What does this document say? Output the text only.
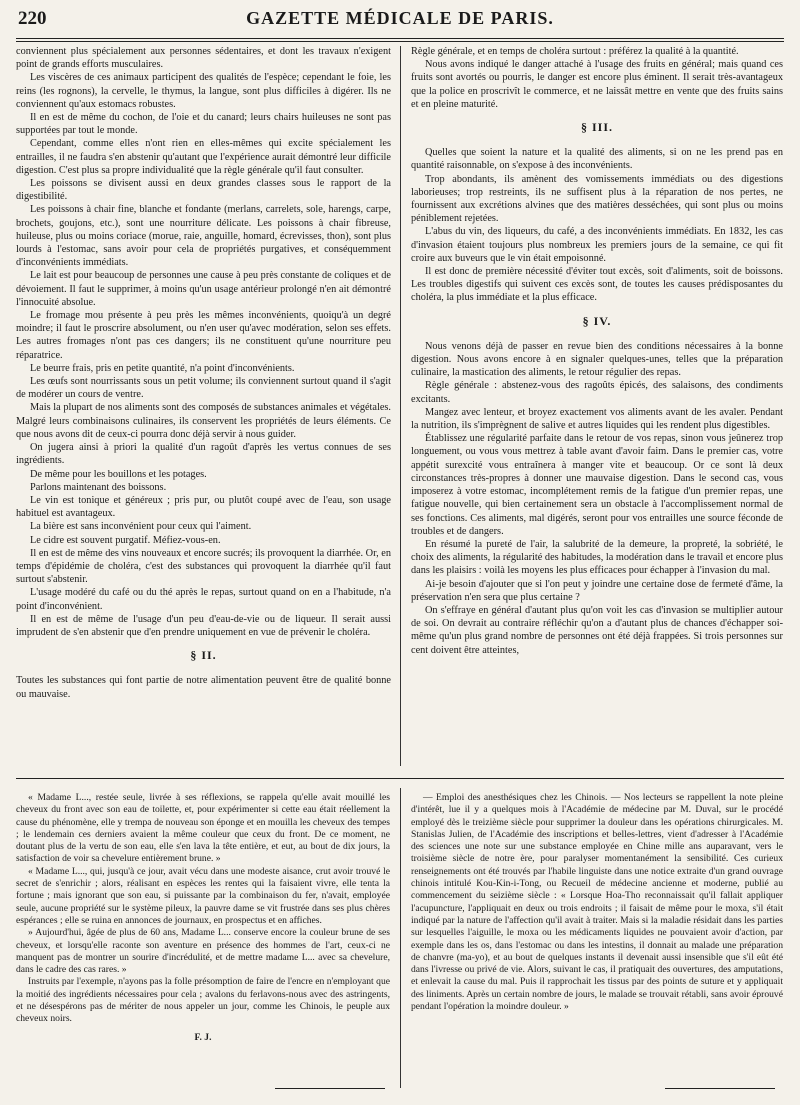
220	GAZETTE MÉDICALE DE PARIS.

conviennent plus spécialement aux personnes sédentaires, et dont les travaux n'exigent point de grands efforts musculaires.

Les viscères de ces animaux participent des qualités de l'espèce; cependant le foie, les reins (les rognons), la cervelle, le thymus, la langue, sont plus difficiles à digérer. Ils ne conviennent qu'aux estomacs robustes.

Il en est de même du cochon, de l'oie et du canard; leurs chairs huileuses ne sont pas supportées par tout le monde.

Cependant, comme elles n'ont rien en elles-mêmes qui excite spécialement les entrailles, il ne faudra s'en abstenir qu'autant que l'expérience aurait démontré leur difficile digestion. C'est plus sa propre individualité que la règle générale qu'il faut consulter.

Les poissons se divisent aussi en deux grandes classes sous le rapport de la digestibilité.

Les poissons à chair fine, blanche et fondante (merlans, carrelets, sole, harengs, carpe, brochets, goujons, etc.), sont une nourriture délicate. Les poissons à chair fibreuse, huileuse, plus ou moins coriace (morue, raie, anguille, homard, écrevisses, thon), sont plus lourds à l'estomac, sans avoir pour cela de propriétés purgatives, et conséquemment d'inconvénients immédiats.

Le lait est pour beaucoup de personnes une cause à peu près constante de coliques et de dévoiement. Il faut le supprimer, à moins qu'un usage antérieur prolongé n'en ait démontré l'innocuité absolue.

Le fromage mou présente à peu près les mêmes inconvénients, quoiqu'à un degré moindre; il faut le proscrire absolument, ou n'en user qu'avec modération, selon ses effets. Les autres fromages n'ont pas ces dangers; ils ne constituent qu'une nourriture peu réparatrice.

Le beurre frais, pris en petite quantité, n'a point d'inconvénients.

Les œufs sont nourrissants sous un petit volume; ils conviennent surtout quand il s'agit de modérer un cours de ventre.

Mais la plupart de nos aliments sont des composés de substances animales et végétales. Malgré leurs combinaisons culinaires, ils conservent les propriétés de leurs éléments. Ce que nous avons dit de ceux-ci pourra donc déjà servir à nous guider.

On jugera ainsi à priori la qualité d'un ragoût d'après les vertus connues de ses ingrédients.

De même pour les bouillons et les potages.

Parlons maintenant des boissons.

Le vin est tonique et généreux ; pris pur, ou plutôt coupé avec de l'eau, son usage habituel est avantageux.

La bière est sans inconvénient pour ceux qui l'aiment.

Le cidre est souvent purgatif. Méfiez-vous-en.

Il en est de même des vins nouveaux et encore sucrés; ils provoquent la diarrhée. Or, en temps d'épidémie de choléra, c'est des substances qui provoquent la diarrhée qu'il faut surtout s'abstenir.

L'usage modéré du café ou du thé après le repas, surtout quand on en a l'habitude, n'a point d'inconvénient.

Il en est de même de l'usage d'un peu d'eau-de-vie ou de liqueur. Il serait aussi imprudent de s'en abstenir que d'en prendre uniquement en vue de prévenir le choléra.

§ II.

Toutes les substances qui font partie de notre alimentation peuvent être de qualité bonne ou mauvaise.

Règle générale, et en temps de choléra surtout : préférez la qualité à la quantité.

Nous avons indiqué le danger attaché à l'usage des fruits en général; mais quand ces fruits sont avortés ou pourris, le danger est encore plus éminent. Il serait très-avantageux que la police en proscrivît le commerce, et ne laissât mettre en vente que des fruits sains et en pleine maturité.

§ III.

Quelles que soient la nature et la qualité des aliments, si on ne les prend pas en quantité raisonnable, on s'expose à des inconvénients.

Trop abondants, ils amènent des vomissements immédiats ou des digestions laborieuses; trop restreints, ils ne suffisent plus à la réparation de nos pertes, ne fournissent aux excrétions alvines que des matières desséchées, qui sont plus ou moins péniblement rejetées.

L'abus du vin, des liqueurs, du café, a des inconvénients immédiats. En 1832, les cas d'invasion étaient toujours plus nombreux les premiers jours de la semaine, ce qui fit croire aux buveurs que le vin était empoisonné.

Il est donc de première nécessité d'éviter tout excès, soit d'aliments, soit de boissons. Les troubles digestifs qui suivent ces excès sont, de toutes les causes prédisposantes du choléra, la plus immédiate et la plus efficace.

§ IV.

Nous venons déjà de passer en revue bien des conditions nécessaires à la bonne digestion. Nous avons encore à en signaler quelques-unes, telles que la préparation culinaire, la mastication des aliments, le retour régulier des repas.

Règle générale : abstenez-vous des ragoûts épicés, des salaisons, des condiments excitants.

Mangez avec lenteur, et broyez exactement vos aliments avant de les avaler. Pendant la nutrition, ils s'imprègnent de salive et autres liquides qui les rendent plus digestibles.

Établissez une régularité parfaite dans le retour de vos repas, sinon vous jeûnerez trop longuement, ou vous vous mettrez à table avant d'avoir faim. Dans le premier cas, votre appétit surexcité vous entraînera à manger vite et beaucoup. Or ce sont là deux circonstances très-propres à donner une mauvaise digestion. Dans le second cas, vous imposerez à votre estomac, incomplétement remis de la fatigue d'un premier repas, une fatigue nouvelle, qui bien certainement sera un obstacle à l'accomplissement normal de ses fonctions. Ces aliments, mal digérés, seront pour vos entrailles une source féconde de troubles et de dangers.

En résumé la pureté de l'air, la salubrité de la demeure, la propreté, la sobriété, le choix des aliments, la régularité des habitudes, la modération dans le travail et encore plus dans les plaisirs : voilà les moyens les plus efficaces pour échapper à l'invasion du mal.

Ai-je besoin d'ajouter que si l'on peut y joindre une certaine dose de fermeté d'âme, la préservation n'en sera que plus certaine ?

On s'effraye en général d'autant plus qu'on voit les cas d'invasion se multiplier autour de soi. On devrait au contraire réfléchir qu'on a d'autant plus de chances d'échapper soi-même qu'un plus grand nombre de personnes ont été déjà frappées. Si trois personnes sur cent doivent être atteintes,

« Madame L..., restée seule, livrée à ses réflexions, se rappela qu'elle avait mouillé les cheveux du front avec son eau de toilette, et, pour expérimenter si cette eau était réellement la cause du phénomène, elle y trempa de nouveau son éponge et en mouilla les cheveux des tempes ; le lendemain ces derniers avaient la même couleur que ceux du front. De ce moment, ne doutant plus de la vertu de son eau, elle s'en lava la tête entière, et eut, au bout de dix jours, la satisfaction de voir sa chevelure entièrement brune. »

« Madame L..., qui, jusqu'à ce jour, avait vécu dans une modeste aisance, crut avoir trouvé le secret de s'enrichir ; alors, réalisant en espèces les rentes qui la faisaient vivre, elle tenta la fortune ; mais ignorant que son eau, si puissante par la combinaison du fer, n'avait, employée seule, aucune propriété sur le système pileux, la pauvre dame se vit frustrée dans ses plus chères espérances ; elle se ruina en annonces de journaux, en prospectus et en affiches.

» Aujourd'hui, âgée de plus de 60 ans, Madame L... conserve encore la couleur brune de ses cheveux, et lorsqu'elle raconte son aventure en présence des hommes de l'art, ceux-ci ne manquent pas de montrer un sourire d'incrédulité, et de mettre madame L... avec sa chevelure, dans le cadre des cas rares. »

Instruits par l'exemple, n'ayons pas la folle présomption de faire de l'encre en n'employant que la moitié des ingrédients nécessaires pour cela ; avalons du ferlavons-nous avec des astringents, et ne désespérons pas de mériter de nous appeler un jour, comme les Chinois, le peuple aux cheveux noirs.

F. J.

— Emploi des anesthésiques chez les Chinois. — Nos lecteurs se rappellent la note pleine d'intérêt, lue il y a quelques mois à l'Académie de médecine par M. Duval, sur le procédé employé dès le treizième siècle pour supprimer la douleur dans les opérations chirurgicales. M. Stanislas Julien, de l'Académie des inscriptions et belles-lettres, vient d'adresser à l'Académie des sciences une note sur une substance employée en Chine mille ans auparavant, vers le troisième siècle de notre ère, pour paralyser momentanément la sensibilité. Ces curieux renseignements ont été trouvés par l'habile linguiste dans une notice extraite d'un grand ouvrage chinois intitulé Kou-Kin-i-Tong, ou Recueil de médecine ancienne et moderne, publié au commencement du seizième siècle : « Lorsque Hoa-Tho reconnaissait qu'il fallait appliquer l'acupuncture, l'appliquait en deux ou trois endroits ; il faisait de même pour le moxa, s'il était indiqué par la nature de l'affection qu'il avait à traiter. Mais si la maladie résidait dans les parties sur lesquelles l'aiguille, le moxa ou les médicaments liquides ne pouvaient avoir d'action, par exemple dans les os, dans l'estomac ou dans les intestins, il donnait au malade une préparation de chanvre (ma-yo), et au bout de quelques instants il devenait aussi insensible que s'il eût été dans l'ivresse ou privé de vie. Alors, suivant le cas, il pratiquait des ouvertures, des amputations, et enlevait la cause du mal. Puis il rapprochait les tissus par des points de suture et y appliquait des liniments. Après un certain nombre de jours, le malade se trouvait rétabli, sans avoir éprouvé pendant l'opération la moindre douleur. »
